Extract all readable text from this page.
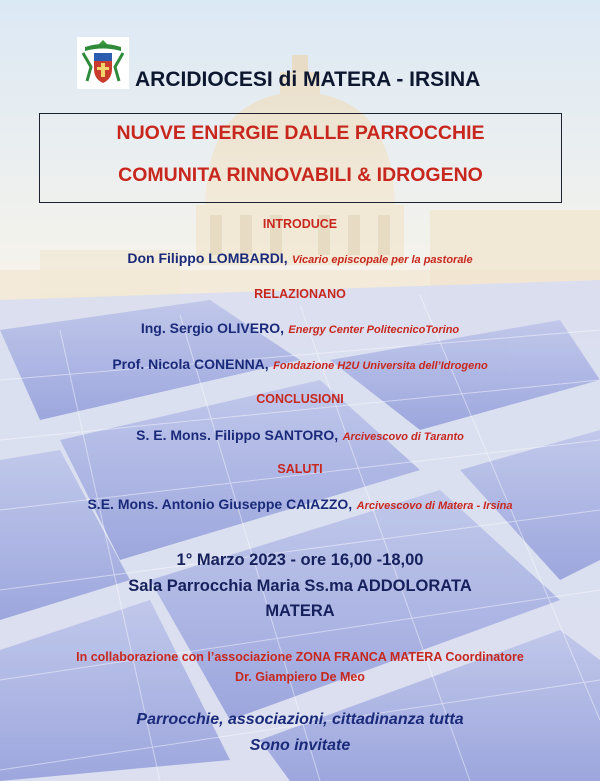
ARCIDIOCESI di MATERA - IRSINA
NUOVE ENERGIE DALLE PARROCCHIE
COMUNITA RINNOVABILI & IDROGENO
INTRODUCE
Don Filippo LOMBARDI, Vicario episcopale per la pastorale
RELAZIONANO
Ing. Sergio OLIVERO, Energy Center PolitecnicoTorino
Prof. Nicola CONENNA, Fondazione H2U Universita dell’Idrogeno
CONCLUSIONI
S. E. Mons. Filippo SANTORO, Arcivescovo di Taranto
SALUTI
S.E. Mons. Antonio Giuseppe CAIAZZO, Arcivescovo di Matera - Irsina
1° Marzo 2023 - ore 16,00 -18,00
Sala Parrocchia Maria Ss.ma ADDOLORATA
MATERA
In collaborazione con l’associazione ZONA FRANCA MATERA Coordinatore
Dr. Giampiero De Meo
Parrocchie, associazioni, cittadinanza tutta
Sono invitate
